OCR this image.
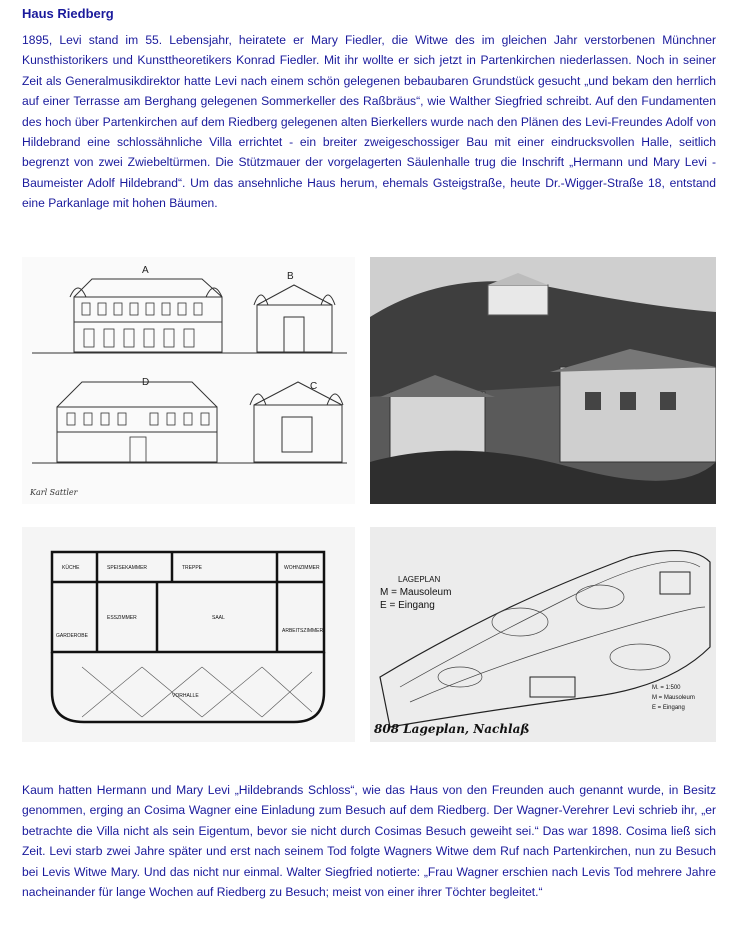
Haus Riedberg

1895, Levi stand im 55. Lebensjahr, heiratete er Mary Fiedler, die Witwe des im gleichen Jahr verstorbenen Münchner Kunsthistorikers und Kunsttheoretikers Konrad Fiedler. Mit ihr wollte er sich jetzt in Partenkirchen niederlassen. Noch in seiner Zeit als Generalmusikdirektor hatte Levi nach einem schön gelegenen bebaubaren Grundstück gesucht „und bekam den herrlich auf einer Terrasse am Berghang gelegenen Sommerkeller des Raßbräus“, wie Walther Siegfried schreibt. Auf den Fundamenten des hoch über Partenkirchen auf dem Riedberg gelegenen alten Bierkellers wurde nach den Plänen des Levi-Freundes Adolf von Hildebrand eine schlossähnliche Villa errichtet - ein breiter zweigeschossiger Bau mit einer eindrucksvollen Halle, seitlich begrenzt von zwei Zwiebeltürmen. Die Stützmauer der vorgelagerten Säulenhalle trug die Inschrift „Hermann und Mary Levi - Baumeister Adolf Hildebrand“. Um das ansehnliche Haus herum, ehemals Gsteigstraße, heute Dr.-Wigger-Straße 18, entstand eine Parkanlage mit hohen Bäumen.

A
B
D	C
Karl Sattler
KÜCHE	SPEISEKAMMER	TREPPE
ESSZIMMER	SAAL
GARDEROBE
WOHNZIMMER
ARBEITSZIMMER
VORHALLE
LAGEPLAN
M = Mausoleum
E = Eingang
M. = 1:500
M = Mausoleum
E = Eingang
808 Lageplan, Nachlaß

Kaum hatten Hermann und Mary Levi „Hildebrands Schloss“, wie das Haus von den Freunden auch genannt wurde, in Besitz genommen, erging an Cosima Wagner eine Einladung zum Besuch auf dem Riedberg. Der Wagner-Verehrer Levi schrieb ihr, „er betrachte die Villa nicht als sein Eigentum, bevor sie nicht durch Cosimas Besuch geweiht sei.“ Das war 1898. Cosima ließ sich Zeit. Levi starb zwei Jahre später und erst nach seinem Tod folgte Wagners Witwe dem Ruf nach Partenkirchen, nun zu Besuch bei Levis Witwe Mary. Und das nicht nur einmal. Walter Siegfried notierte: „Frau Wagner erschien nach Levis Tod mehrere Jahre nacheinander für lange Wochen auf Riedberg zu Besuch; meist von einer ihrer Töchter begleitet.“
